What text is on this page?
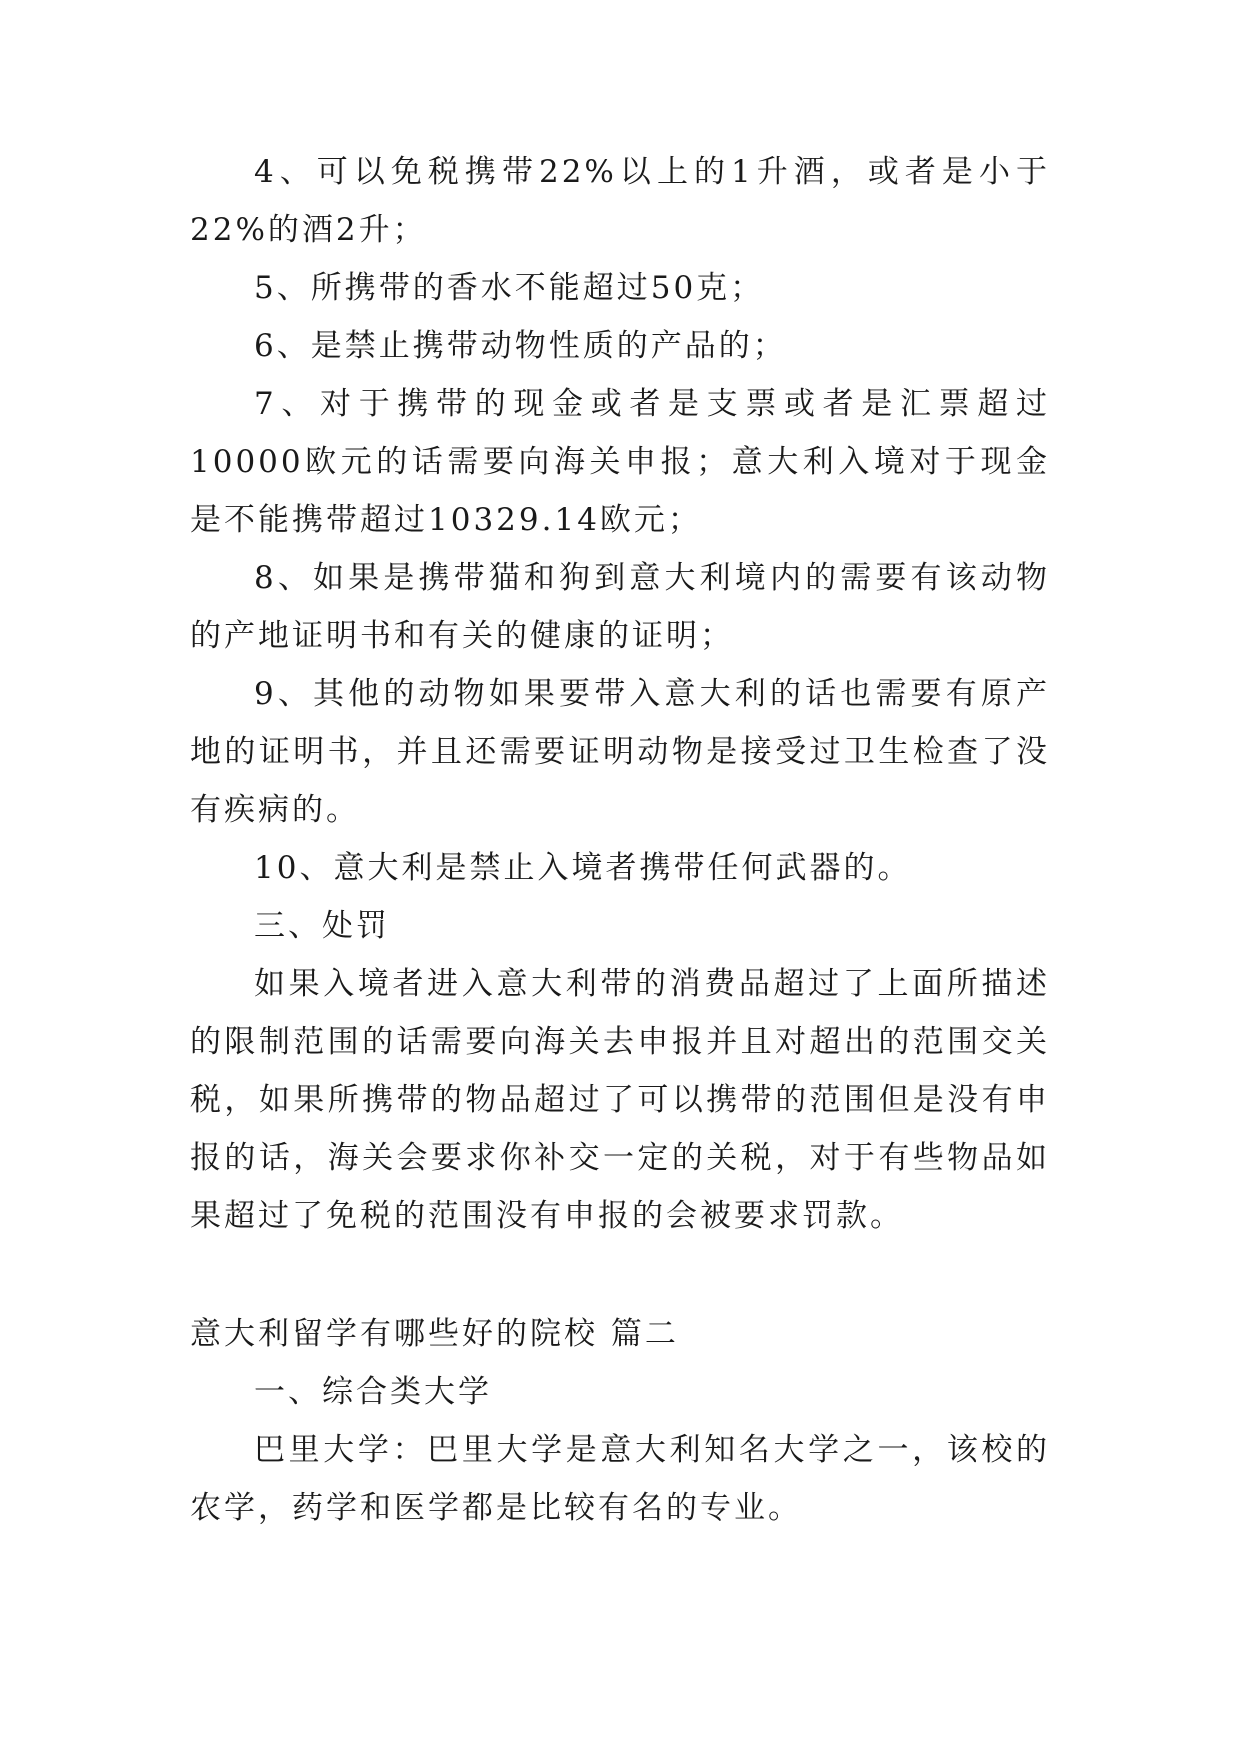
4、可以免税携带22%以上的1升酒，或者是小于22%的酒2升；

5、所携带的香水不能超过50克；

6、是禁止携带动物性质的产品的；

7、对于携带的现金或者是支票或者是汇票超过10000欧元的话需要向海关申报；意大利入境对于现金是不能携带超过10329.14欧元；

8、如果是携带猫和狗到意大利境内的需要有该动物的产地证明书和有关的健康的证明；

9、其他的动物如果要带入意大利的话也需要有原产地的证明书，并且还需要证明动物是接受过卫生检查了没有疾病的。

10、意大利是禁止入境者携带任何武器的。

三、处罚

如果入境者进入意大利带的消费品超过了上面所描述的限制范围的话需要向海关去申报并且对超出的范围交关税，如果所携带的物品超过了可以携带的范围但是没有申报的话，海关会要求你补交一定的关税，对于有些物品如果超过了免税的范围没有申报的会被要求罚款。

意大利留学有哪些好的院校 篇二

一、综合类大学

巴里大学：巴里大学是意大利知名大学之一，该校的农学，药学和医学都是比较有名的专业。
